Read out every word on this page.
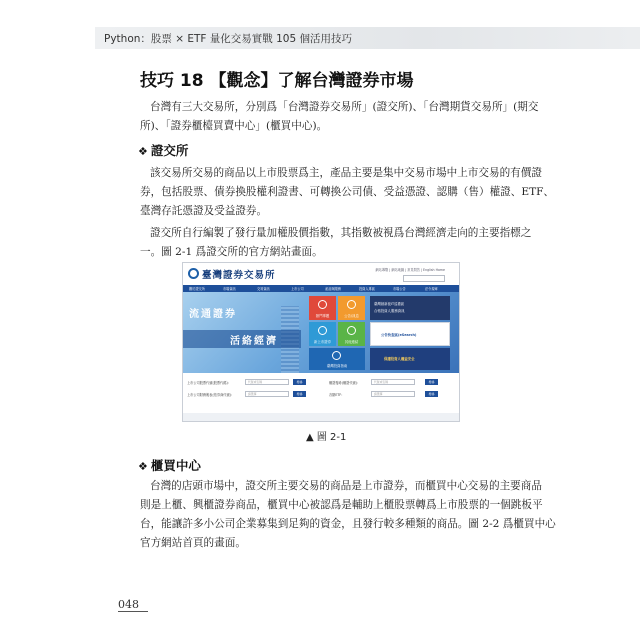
Python：股票 × ETF 量化交易實戰 105 個活用技巧
技巧 18 【觀念】了解台灣證券市場
台灣有三大交易所，分別爲「台灣證券交易所」(證交所)、「台灣期貨交易所」(期交
所)、「證券櫃檯買賣中心」(櫃買中心)。
❖ 證交所
該交易所交易的商品以上市股票爲主，產品主要是集中交易市場中上市交易的有價證
券，包括股票、債券換股權利證書、可轉換公司債、受益憑證、認購（售）權證、ETF、
臺灣存託憑證及受益證券。
證交所自行編製了發行量加權股價指數，其指數被視爲台灣經濟走向的主要指標之
一。圖 2-1 爲證交所的官方網站畫面。
臺灣證券交易所	網站導覽 | 網站地圖 | 常見問答 | English Home
關於證交所	市場資訊	交易資訊	上市公司	產品與服務	投資人專區	市場公告	法令規章
流通證券
活絡經濟
熱門專題	公告/訊息
新上市證券	其他連結
臺灣投資指南
臺灣創新板IT巡禮區
合格投資人服務資訊
公告快查區(eSearch)
保護投資人權益安全
上市公司股票代號(股票代碼)：	代號或名稱	搜尋	權證搜尋(權證代號)：	代號或名稱	搜尋
上市公司財務報表(依券商代號)：	請選擇	搜尋	各類ETF：	請選擇	搜尋
▲ 圖 2-1
❖ 櫃買中心
台灣的店頭市場中，證交所主要交易的商品是上市證券，而櫃買中心交易的主要商品
則是上櫃、興櫃證券商品，櫃買中心被認爲是輔助上櫃股票轉爲上市股票的一個跳板平
台，能讓許多小公司企業募集到足夠的資金，且發行較多種類的商品。圖 2-2 爲櫃買中心
官方網站首頁的畫面。
048
